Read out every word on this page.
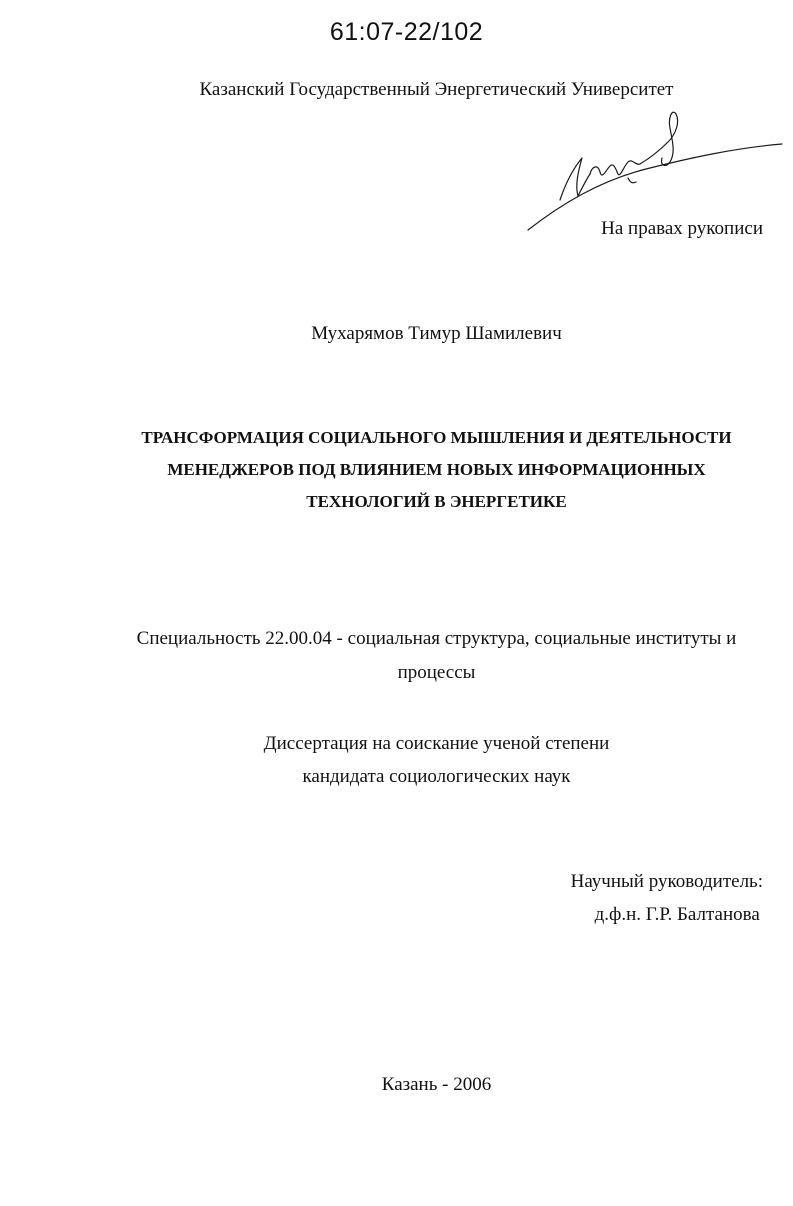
61:07-22/102
Казанский Государственный Энергетический Университет
На правах рукописи
Мухарямов Тимур Шамилевич
ТРАНСФОРМАЦИЯ СОЦИАЛЬНОГО МЫШЛЕНИЯ И ДЕЯТЕЛЬНОСТИ
МЕНЕДЖЕРОВ ПОД ВЛИЯНИЕМ НОВЫХ ИНФОРМАЦИОННЫХ
ТЕХНОЛОГИЙ В ЭНЕРГЕТИКЕ
Специальность 22.00.04 - социальная структура, социальные институты и
процессы
Диссертация на соискание ученой степени
кандидата социологических наук
Научный руководитель:
д.ф.н. Г.Р. Балтанова
Казань - 2006
